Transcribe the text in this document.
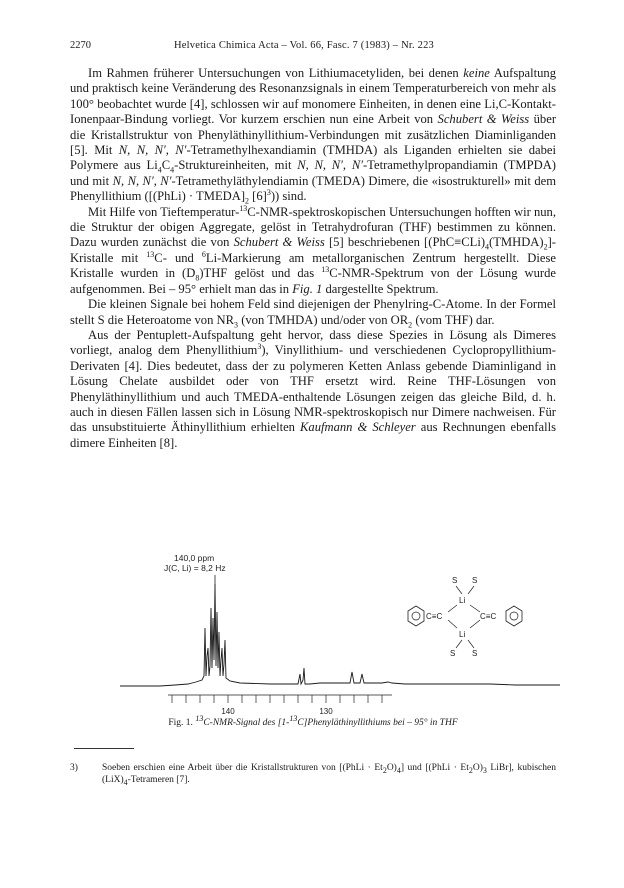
2270	Helvetica Chimica Acta – Vol. 66, Fasc. 7 (1983) – Nr. 223

Im Rahmen früherer Untersuchungen von Lithiumacetyliden, bei denen keine Aufspaltung und praktisch keine Veränderung des Resonanzsignals in einem Temperaturbereich von mehr als 100° beobachtet wurde [4], schlossen wir auf monomere Einheiten, in denen eine Li,C-Kontakt-Ionenpaar-Bindung vorliegt. Vor kurzem erschien nun eine Arbeit von Schubert & Weiss über die Kristallstruktur von Phenyläthinyllithium-Verbindungen mit zusätzlichen Diaminliganden [5]. Mit N, N, N′, N′-Tetramethylhexandiamin (TMHDA) als Liganden erhielten sie dabei Polymere aus $Li_4C_4$-Struktureinheiten, mit N, N, N′, N′-Tetramethylpropandiamin (TMPDA) und mit N, N, N′, N′-Tetramethyläthylendiamin (TMEDA) Dimere, die «isostrukturell» mit dem Phenyllithium ([(PhLi) · $TMEDA]_2$ $[6]^3$)) sind.

Mit Hilfe von Tieftemperatur-$^{13}$C-NMR-spektroskopischen Untersuchungen hofften wir nun, die Struktur der obigen Aggregate, gelöst in Tetrahydrofuran (THF) bestimmen zu können. Dazu wurden zunächst die von Schubert & Weiss [5] beschriebenen $[(PhC\equiv CLi)_4(TMHDA)_2]$-Kristalle mit $^{13}$C- und $^6$Li-Markierung am metallorganischen Zentrum hergestellt. Diese Kristalle wurden in $(D_8)THF$ gelöst und das $^{13}$C-NMR-Spektrum von der Lösung wurde aufgenommen. Bei – 95° erhielt man das in Fig. 1 dargestellte Spektrum.

Die kleinen Signale bei hohem Feld sind diejenigen der Phenylring-C-Atome. In der Formel stellt S die Heteroatome von $NR_3$ (von TMHDA) und/oder von $OR_2$ (vom THF) dar.

Aus der Pentuplett-Aufspaltung geht hervor, dass diese Spezies in Lösung als Dimeres vorliegt, analog dem Phenyllithium$^3$), Vinyllithium- und verschiedenen Cyclopropyllithium-Derivaten [4]. Dies bedeutet, dass der zu polymeren Ketten Anlass gebende Diaminligand in Lösung Chelate ausbildet oder von THF ersetzt wird. Reine THF-Lösungen von Phenyläthinyllithium und auch TMEDA-enthaltende Lösungen zeigen das gleiche Bild, d. h. auch in diesen Fällen lassen sich in Lösung NMR-spektroskopisch nur Dimere nachweisen. Für das unsubstituierte Äthinyllithium erhielten Kaufmann & Schleyer aus Rechnungen ebenfalls dimere Einheiten [8].

140,0 ppm
J(C, Li) = 8,2 Hz
140	130
S S
Li
C≡C	C≡C
Li
S S
Fig. 1. $^{13}$C-NMR-Signal des [1-$^{13}$C]Phenyläthinyllithiums bei – 95° in THF
3)	Soeben erschien eine Arbeit über die Kristallstrukturen von [(PhLi · $Et_2O)_4$] und [(PhLi · $Et_2O)_3$ LiBr], kubischen $(LiX)_4$-Tetrameren [7].
